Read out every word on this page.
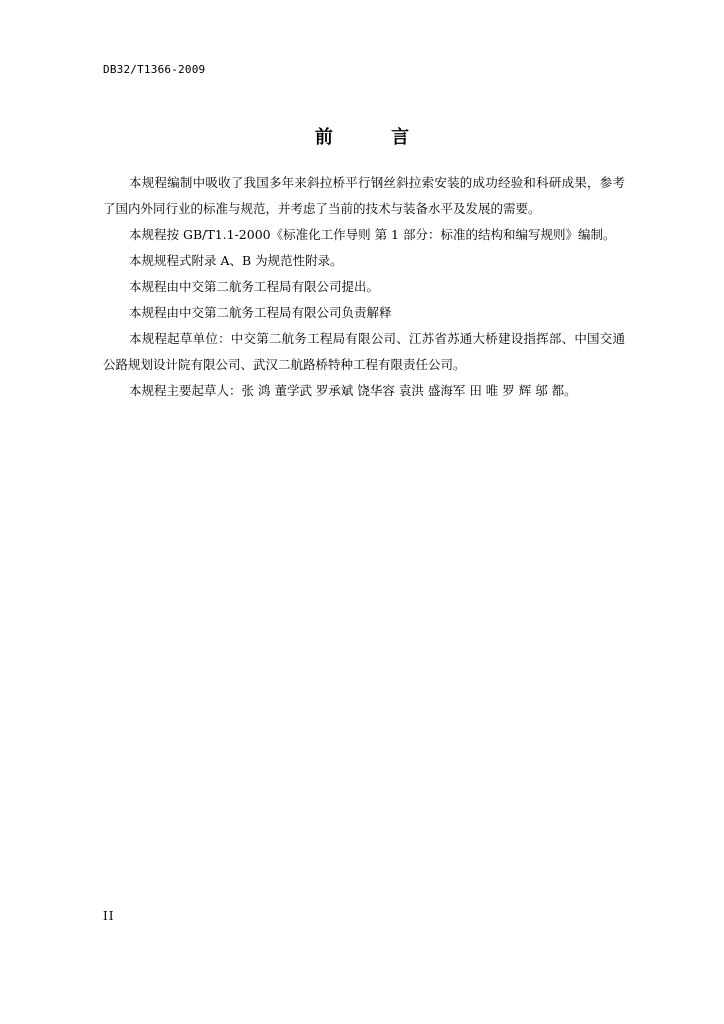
DB32/T1366-2009
前 言

本规程编制中吸收了我国多年来斜拉桥平行钢丝斜拉索安装的成功经验和科研成果，参考了国内外同行业的标准与规范，并考虑了当前的技术与装备水平及发展的需要。

本规程按 GB/T1.1-2000《标准化工作导则 第 1 部分：标准的结构和编写规则》编制。

本规规程式附录 A、B 为规范性附录。

本规程由中交第二航务工程局有限公司提出。

本规程由中交第二航务工程局有限公司负责解释

本规程起草单位：中交第二航务工程局有限公司、江苏省苏通大桥建设指挥部、中国交通公路规划设计院有限公司、武汉二航路桥特种工程有限责任公司。

本规程主要起草人：张 鸿 董学武 罗承斌 饶华容 袁洪 盛海军 田 唯 罗 辉 邬 都。

II
